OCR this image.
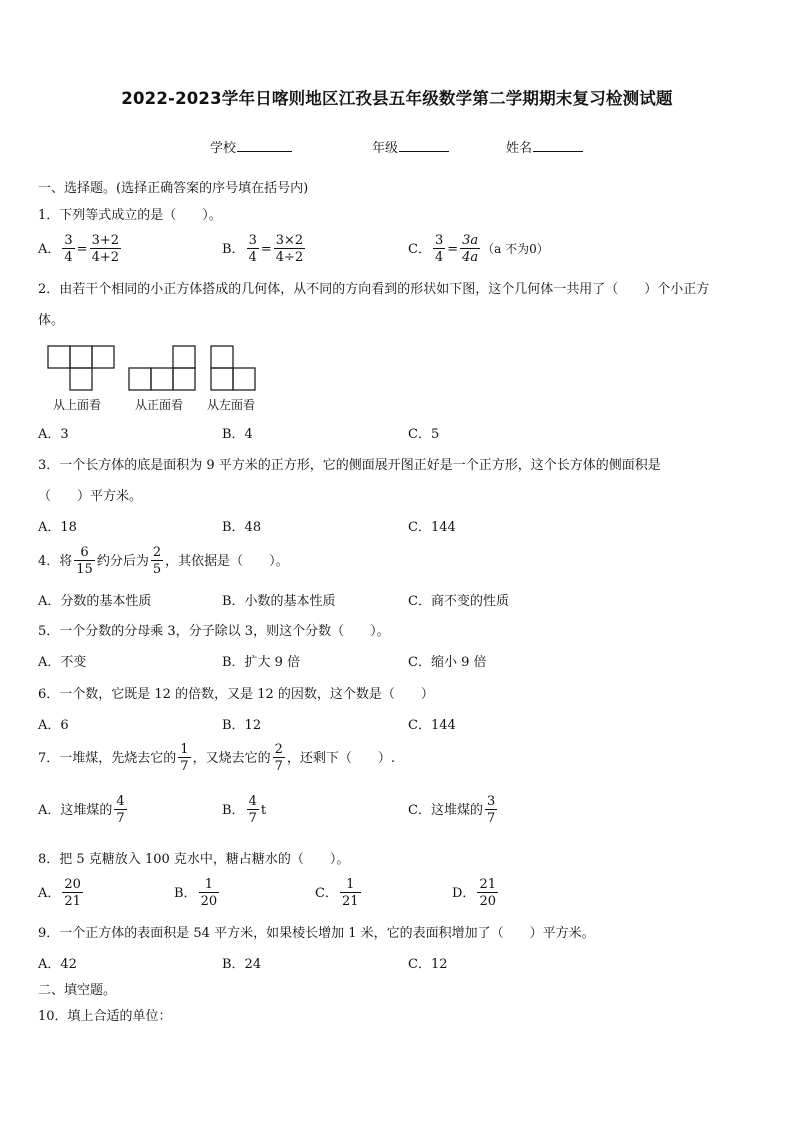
2022-2023学年日喀则地区江孜县五年级数学第二学期期末复习检测试题
学校	年级	姓名
一、选择题。(选择正确答案的序号填在括号内)
1．下列等式成立的是（　　）。
A． $\frac{3}{4} = \frac{3+2}{4+2}$	B． $\frac{3}{4} = \frac{3\times 2}{4\div 2}$	C． $\frac{3}{4} = \frac{3a}{4a} (a$ 不为0）
2．由若干个相同的小正方体搭成的几何体，从不同的方向看到的形状如下图，这个几何体一共用了（　　）个小正方
体。
从上面看	从正面看 从左面看
A．3	B．4	C．5
3．一个长方体的底是面积为 9 平方米的正方形，它的侧面展开图正好是一个正方形，这个长方体的侧面积是
（　　）平方米。
A．18	B．48	C．144
4．将 $\frac{6}{15}$ 约分后为 $\frac{2}{5}$ ，其依据是（　　）。
A．分数的基本性质	B．小数的基本性质	C．商不变的性质
5．一个分数的分母乘 3，分子除以 3，则这个分数（　　）。
A．不变	B．扩大 9 倍	C．缩小 9 倍
6．一个数，它既是 12 的倍数，又是 12 的因数，这个数是（　　）
A．6	B．12	C．144
7．一堆煤，先烧去它的 $\frac{1}{7}$ ，又烧去它的 $\frac{2}{7}$ ，还剩下（　　）.
A．这堆煤的 $\frac{4}{7}$	B． $\frac{4}{7}$ t	C．这堆煤的 $\frac{3}{7}$
8．把 5 克糖放入 100 克水中，糖占糖水的（　　）。
A． $\frac{20}{21}$	B． $\frac{1}{20}$	C． $\frac{1}{21}$	D． $\frac{21}{20}$
9．一个正方体的表面积是 54 平方米，如果棱长增加 1 米，它的表面积增加了（　　）平方米。
A．42	B．24	C．12
二、填空题。
10．填上合适的单位：
